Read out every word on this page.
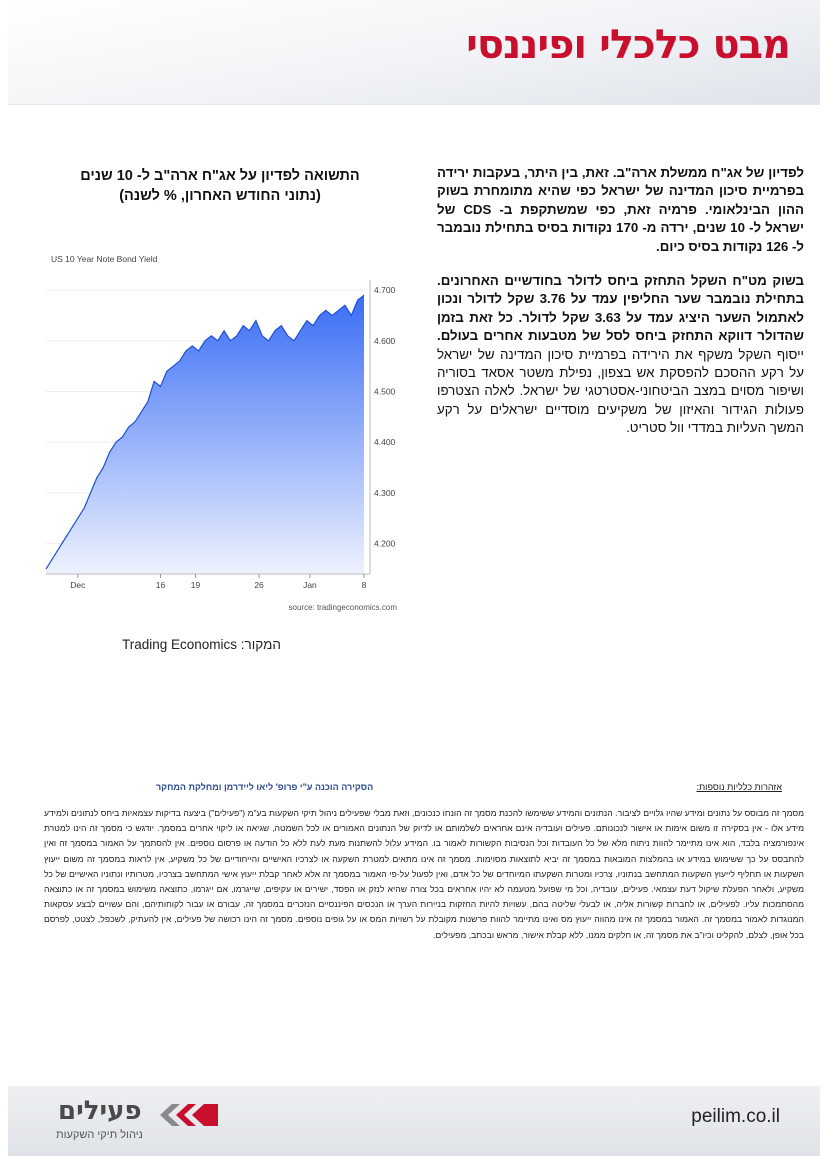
מבט כלכלי ופיננסי

לפדיון של אג"ח ממשלת ארה"ב. זאת, בין היתר, בעקבות ירידה בפרמיית סיכון המדינה של ישראל כפי שהיא מתומחרת בשוק ההון הבינלאומי. פרמיה זאת, כפי שמשתקפת ב- CDS של ישראל ל- 10 שנים, ירדה מ- 170 נקודות בסיס בתחילת נובמבר ל- 126 נקודות בסיס כיום.

בשוק מט"ח השקל התחזק ביחס לדולר בחודשיים האחרונים. בתחילת נובמבר שער החליפין עמד על 3.76 שקל לדולר ונכון לאתמול השער היציג עמד על 3.63 שקל לדולר. כל זאת בזמן שהדולר דווקא התחזק ביחס לסל של מטבעות אחרים בעולם. ייסוף השקל משקף את הירידה בפרמיית סיכון המדינה של ישראל על רקע ההסכם להפסקת אש בצפון, נפילת משטר אסאד בסוריה ושיפור מסוים במצב הביטחוני-אסטרטגי של ישראל. לאלה הצטרפו פעולות הגידור והאיזון של משקיעים מוסדיים ישראלים על רקע המשך העליות במדדי וול סטריט.

התשואה לפדיון על אג"ח ארה"ב ל- 10 שנים
(נתוני החודש האחרון, % לשנה)
US 10 Year Note Bond Yield
4.200
4.300
4.400
4.500
4.600
4.700
Dec	16	19	26	Jan	8
source: tradingeconomics.com
המקור: Trading Economics
אזהרות כלליות נוספות:
הסקירה הוכנה ע"י פרופ' ליאו ליידרמן ומחלקת המחקר
מסמך זה מבוסס על נתונים ומידע שהיו גלויים לציבור. הנתונים והמידע ששימשו להכנת מסמך זה הונחו כנכונים, וזאת מבלי שפעילים ניהול תיקי השקעות בע"מ ("פעילים") ביצעה בדיקות עצמאיות ביחס לנתונים ולמידע מידע אלו - אין בסקירה זו משום אימות או אישור לנכונותם. פעילים ועובדיה אינם אחראים לשלמותם או לדיוק של הנתונים האמורים או לכל השמטה, שגיאה או ליקוי אחרים במסמך. יודגש כי מסמך זה הינו למטרת אינפורמציה בלבד, הוא אינו מתיימר להוות ניתוח מלא של כל העובדות וכל הנסיבות הקשורות לאמור בו. המידע עלול להשתנות מעת לעת ללא כל הודעה או פרסום נוספים. אין להסתמך על האמור במסמך זה ואין להתבסס על כך ששימוש במידע או בהמלצות המובאות במסמך זה יביא לתוצאות מסוימות. מסמך זה אינו מתאים למטרת השקעה או לצרכיו האישיים והייחודיים של כל משקיע, אין לראות במסמך זה משום ייעוץ השקעות או תחליף לייעוץ השקעות המתחשב בנתוניו, צרכיו ומטרות השקעתו המיוחדים של כל אדם, ואין לפעול על-פי האמור במסמך זה אלא לאחר קבלת ייעוץ אישי המתחשב בצרכיו, מטרותיו ונתוניו האישיים של כל משקיע, ולאחר הפעלת שיקול דעת עצמאי. פעילים, עובדיה, וכל מי שפועל מטעמה לא יהיו אחראים בכל צורה שהיא לנזק או הפסד, ישירים או עקיפים, שייגרמו, אם ייגרמו, כתוצאה משימוש במסמך זה או כתוצאה מהסתמכות עליו. לפעילים, או לחברות קשורות אליה, או לבעלי שליטה בהם, עשויות להיות החזקות בניירות הערך או הנכסים הפיננסיים הנזכרים במסמך זה, עבורם או עבור לקוחותיהם, והם עשויים לבצע עסקאות המנוגדות לאמור במסמך זה. האמור במסמך זה אינו מהווה ייעוץ מס ואינו מתיימר להוות פרשנות מקובלת על רשויות המס או על גופים נוספים. מסמך זה הינו רכושה של פעילים, אין להעתיק, לשכפל, לצטט, לפרסם בכל אופן, לצלם, להקליט וכיו"ב את מסמך זה, או חלקים ממנו, ללא קבלת אישור, מראש ובכתב, מפעילים.
peilim.co.il
פעילים
ניהול תיקי השקעות
